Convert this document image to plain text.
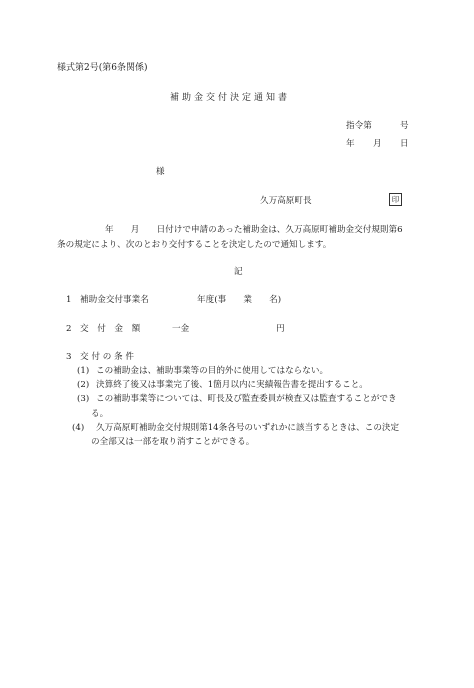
様式第2号(第6条関係)
補助金交付決定通知書
指令第	号
年 月 日
様
久万高原町長	印
年　　月　　日付けで申請のあった補助金は、久万高原町補助金交付規則第6
条の規定により、次のとおり交付することを決定したので通知します。
記
1　補助金交付事業名	年度(事　　業　　名)
2　交　付　金　額	一金	円
3　交 付 の 条 件
(1) この補助金は、補助事業等の目的外に使用してはならない。
(2) 決算終了後又は事業完了後、1箇月以内に実績報告書を提出すること。
(3) この補助事業等については、町長及び監査委員が検査又は監査することができ
る。
(4) 久万高原町補助金交付規則第14条各号のいずれかに該当するときは、この決定
の全部又は一部を取り消すことができる。
